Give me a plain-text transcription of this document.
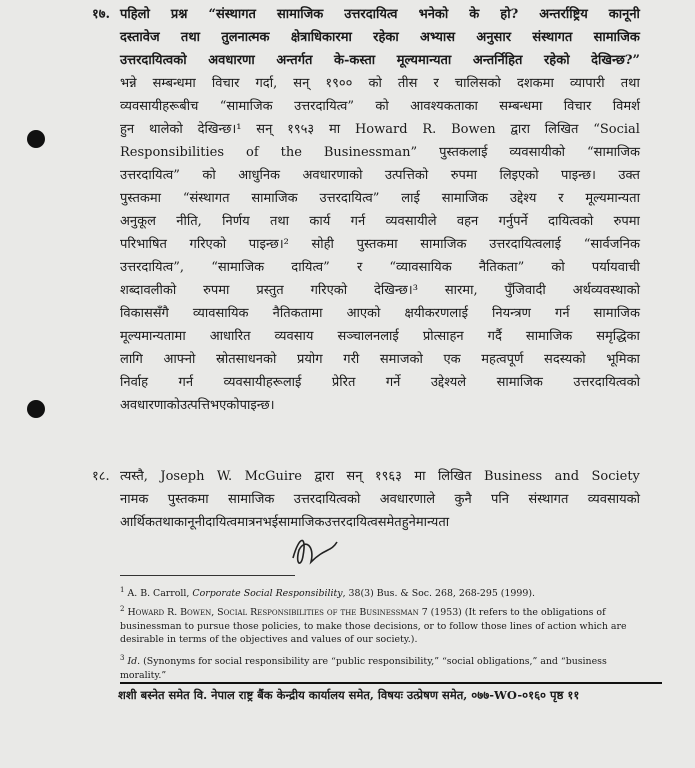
१७. पहिलो प्रश्न “संस्थागत सामाजिक उत्तरदायित्व भनेको के हो? अन्तर्राष्ट्रिय कानूनी
दस्तावेज तथा तुलनात्मक क्षेत्राधिकारमा रहेका अभ्यास अनुसार संस्थागत सामाजिक
उत्तरदायित्वको अवधारणा अन्तर्गत के-कस्ता मूल्यमान्यता अन्तर्निहित रहेको देखिन्छ?”
भन्ने सम्बन्धमा विचार गर्दा, सन् १९०० को तीस र चालिसको दशकमा व्यापारी तथा
व्यवसायीहरूबीच “सामाजिक उत्तरदायित्व” को आवश्यकताका सम्बन्धमा विचार विमर्श
हुन थालेको देखिन्छ।¹ सन् १९५३ मा Howard R. Bowen द्वारा लिखित “Social
Responsibilities of the Businessman” पुस्तकलाई व्यवसायीको “सामाजिक
उत्तरदायित्व” को आधुनिक अवधारणाको उत्पत्तिको रुपमा लिइएको पाइन्छ। उक्त
पुस्तकमा “संस्थागत सामाजिक उत्तरदायित्व” लाई सामाजिक उद्देश्य र मूल्यमान्यता
अनुकूल नीति, निर्णय तथा कार्य गर्न व्यवसायीले वहन गर्नुपर्ने दायित्वको रुपमा
परिभाषित गरिएको पाइन्छ।² सोही पुस्तकमा सामाजिक उत्तरदायित्वलाई “सार्वजनिक
उत्तरदायित्व”, “सामाजिक दायित्व” र “व्यावसायिक नैतिकता” को पर्यायवाची
शब्दावलीको रुपमा प्रस्तुत गरिएको देखिन्छ।³ सारमा, पुँजिवादी अर्थव्यवस्थाको
विकाससँगै व्यावसायिक नैतिकतामा आएको क्षयीकरणलाई नियन्त्रण गर्न सामाजिक
मूल्यमान्यतामा आधारित व्यवसाय सञ्चालनलाई प्रोत्साहन गर्दै सामाजिक समृद्धिका
लागि आफ्नो स्रोतसाधनको प्रयोग गरी समाजको एक महत्वपूर्ण सदस्यको भूमिका
निर्वाह गर्न व्यवसायीहरूलाई प्रेरित गर्ने उद्देश्यले सामाजिक उत्तरदायित्वको
अवधारणाको उत्पत्ति भएको पाइन्छ।
१८. त्यस्तै, Joseph W. McGuire द्वारा सन् १९६३ मा लिखित Business and Society
नामक पुस्तकमा सामाजिक उत्तरदायित्वको अवधारणाले कुनै पनि संस्थागत व्यवसायको
आर्थिक तथा कानूनी दायित्व मात्र नभई सामाजिक उत्तरदायित्व समेत हुने मान्यता
$^1$ A. B. Carroll, Corporate Social Responsibility, 38(3) Bus. & Soc. 268, 268-295 (1999).
$^2$ Howard R. Bowen, Social Responsibilities of the Businessman 7 (1953) (It refers to the obligations of businessman to pursue those policies, to make those decisions, or to follow those lines of action which are desirable in terms of the objectives and values of our society.).
$^3$ Id. (Synonyms for social responsibility are “public responsibility,” “social obligations,” and “business morality.”
शशी बस्नेत समेत वि. नेपाल राष्ट्र बैंक केन्द्रीय कार्यालय समेत, विषयः उत्प्रेषण समेत, ०७७-WO-०१६० पृष्ठ ११
